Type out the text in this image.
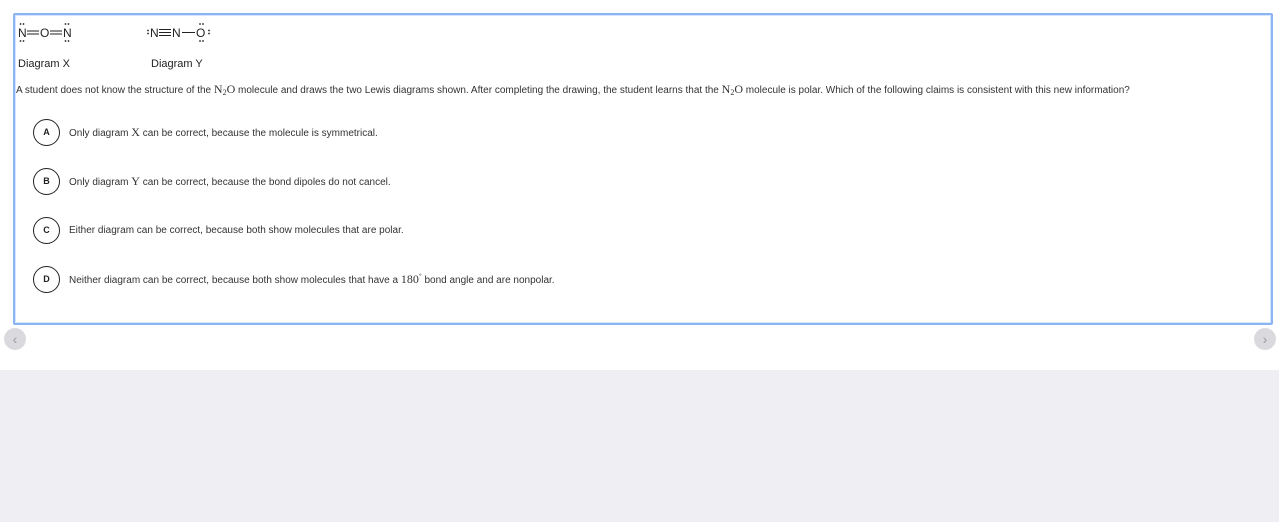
N O N	N N O
Diagram X	Diagram Y
A student does not know the structure of the $N_2O$ molecule and draws the two Lewis diagrams shown. After completing the drawing, the student learns that the $N_2O$ molecule is polar. Which of the following claims is consistent with this new information?
A	Only diagram X can be correct, because the molecule is symmetrical.
B	Only diagram Y can be correct, because the bond dipoles do not cancel.
C	Either diagram can be correct, because both show molecules that are polar.
D	Neither diagram can be correct, because both show molecules that have a 180° bond angle and are nonpolar.
‹	›
